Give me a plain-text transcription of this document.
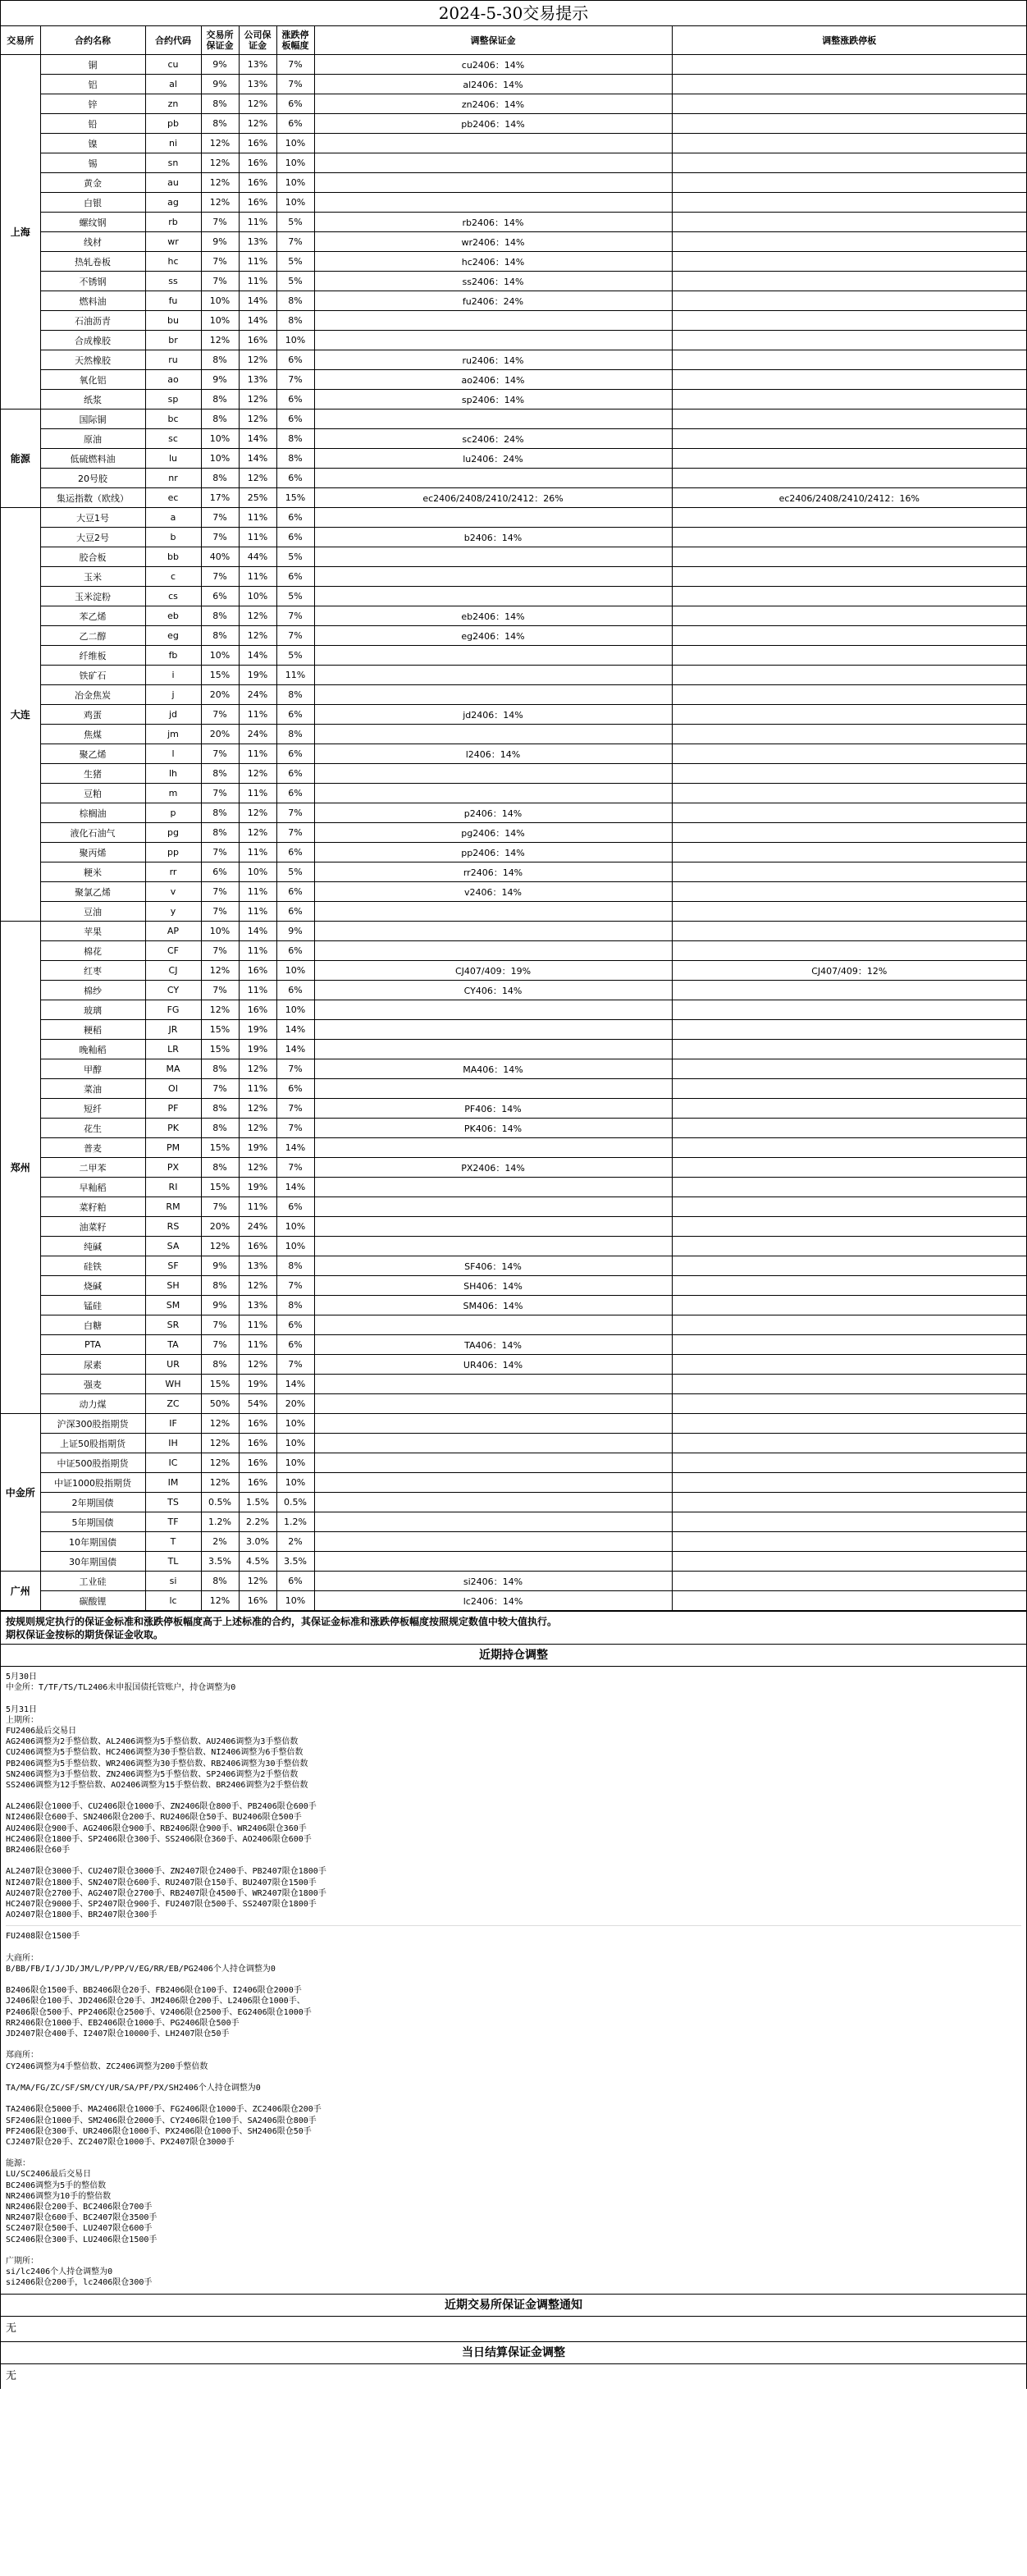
2024-5-30交易提示
交易所	合约名称	合约代码	交易所保证金	公司保证金	涨跌停板幅度	调整保证金	调整涨跌停板
上海	铜	cu	9%	13%	7%	cu2406：14%	
	铝	al	9%	13%	7%	al2406：14%	
	锌	zn	8%	12%	6%	zn2406：14%	
	铅	pb	8%	12%	6%	pb2406：14%	
	镍	ni	12%	16%	10%		
	锡	sn	12%	16%	10%		
	黄金	au	12%	16%	10%		
	白银	ag	12%	16%	10%		
	螺纹钢	rb	7%	11%	5%	rb2406：14%	
	线材	wr	9%	13%	7%	wr2406：14%	
	热轧卷板	hc	7%	11%	5%	hc2406：14%	
	不锈钢	ss	7%	11%	5%	ss2406：14%	
	燃料油	fu	10%	14%	8%	fu2406：24%	
	石油沥青	bu	10%	14%	8%		
	合成橡胶	br	12%	16%	10%		
	天然橡胶	ru	8%	12%	6%	ru2406：14%	
	氧化铝	ao	9%	13%	7%	ao2406：14%	
	纸浆	sp	8%	12%	6%	sp2406：14%	
能源	国际铜	bc	8%	12%	6%		
	原油	sc	10%	14%	8%	sc2406：24%	
	低硫燃料油	lu	10%	14%	8%	lu2406：24%	
	20号胶	nr	8%	12%	6%		
	集运指数（欧线）	ec	17%	25%	15%	ec2406/2408/2410/2412：26%	ec2406/2408/2410/2412：16%
大连	大豆1号	a	7%	11%	6%		
	大豆2号	b	7%	11%	6%	b2406：14%	
	胶合板	bb	40%	44%	5%		
	玉米	c	7%	11%	6%		
	玉米淀粉	cs	6%	10%	5%		
	苯乙烯	eb	8%	12%	7%	eb2406：14%	
	乙二醇	eg	8%	12%	7%	eg2406：14%	
	纤维板	fb	10%	14%	5%		
	铁矿石	i	15%	19%	11%		
	冶金焦炭	j	20%	24%	8%		
	鸡蛋	jd	7%	11%	6%	jd2406：14%	
	焦煤	jm	20%	24%	8%		
	聚乙烯	l	7%	11%	6%	l2406：14%	
	生猪	lh	8%	12%	6%		
	豆粕	m	7%	11%	6%		
	棕榈油	p	8%	12%	7%	p2406：14%	
	液化石油气	pg	8%	12%	7%	pg2406：14%	
	聚丙烯	pp	7%	11%	6%	pp2406：14%	
	粳米	rr	6%	10%	5%	rr2406：14%	
	聚氯乙烯	v	7%	11%	6%	v2406：14%	
	豆油	y	7%	11%	6%		
郑州	苹果	AP	10%	14%	9%		
	棉花	CF	7%	11%	6%		
	红枣	CJ	12%	16%	10%	CJ407/409：19%	CJ407/409：12%
	棉纱	CY	7%	11%	6%	CY406：14%	
	玻璃	FG	12%	16%	10%		
	粳稻	JR	15%	19%	14%		
	晚籼稻	LR	15%	19%	14%		
	甲醇	MA	8%	12%	7%	MA406：14%	
	菜油	OI	7%	11%	6%		
	短纤	PF	8%	12%	7%	PF406：14%	
	花生	PK	8%	12%	7%	PK406：14%	
	普麦	PM	15%	19%	14%		
	二甲苯	PX	8%	12%	7%	PX2406：14%	
	早籼稻	RI	15%	19%	14%		
	菜籽粕	RM	7%	11%	6%		
	油菜籽	RS	20%	24%	10%		
	纯碱	SA	12%	16%	10%		
	硅铁	SF	9%	13%	8%	SF406：14%	
	烧碱	SH	8%	12%	7%	SH406：14%	
	锰硅	SM	9%	13%	8%	SM406：14%	
	白糖	SR	7%	11%	6%		
	PTA	TA	7%	11%	6%	TA406：14%	
	尿素	UR	8%	12%	7%	UR406：14%	
	强麦	WH	15%	19%	14%		
	动力煤	ZC	50%	54%	20%		
中金所	沪深300股指期货	IF	12%	16%	10%		
	上证50股指期货	IH	12%	16%	10%		
	中证500股指期货	IC	12%	16%	10%		
	中证1000股指期货	IM	12%	16%	10%		
	2年期国债	TS	0.5%	1.5%	0.5%		
	5年期国债	TF	1.2%	2.2%	1.2%		
	10年期国债	T	2%	3.0%	2%		
	30年期国债	TL	3.5%	4.5%	3.5%		
广州	工业硅	si	8%	12%	6%	si2406：14%	
	碳酸锂	lc	12%	16%	10%	lc2406：14%	
按规则规定执行的保证金标准和涨跌停板幅度高于上述标准的合约，其保证金标准和涨跌停板幅度按照规定数值中较大值执行。
期权保证金按标的期货保证金收取。
近期持仓调整
5月30日
中金所：T/TF/TS/TL2406未申报国债托管账户，持仓调整为0
5月31日
上期所：
FU2406最后交易日
AG2406调整为2手整倍数、AL2406调整为5手整倍数、AU2406调整为3手整倍数
CU2406调整为5手整倍数、HC2406调整为30手整倍数、NI2406调整为6手整倍数
PB2406调整为5手整倍数、WR2406调整为30手整倍数、RB2406调整为30手整倍数
SN2406调整为3手整倍数、ZN2406调整为5手整倍数、SP2406调整为2手整倍数
SS2406调整为12手整倍数、AO2406调整为15手整倍数、BR2406调整为2手整倍数
AL2406限仓1000手、CU2406限仓1000手、ZN2406限仓800手、PB2406限仓600手
NI2406限仓600手、SN2406限仓200手、RU2406限仓50手、BU2406限仓500手
AU2406限仓900手、AG2406限仓900手、RB2406限仓900手、WR2406限仓360手
HC2406限仓1800手、SP2406限仓300手、SS2406限仓360手、AO2406限仓600手
BR2406限仓60手
AL2407限仓3000手、CU2407限仓3000手、ZN2407限仓2400手、PB2407限仓1800手
NI2407限仓1800手、SN2407限仓600手、RU2407限仓150手、BU2407限仓1500手
AU2407限仓2700手、AG2407限仓2700手、RB2407限仓4500手、WR2407限仓1800手
HC2407限仓9000手、SP2407限仓900手、FU2407限仓500手、SS2407限仓1800手
AO2407限仓1800手、BR2407限仓300手
FU2408限仓1500手
大商所：
B/BB/FB/I/J/JD/JM/L/P/PP/V/EG/RR/EB/PG2406个人持仓调整为0
B2406限仓1500手、BB2406限仓20手、FB2406限仓100手、I2406限仓2000手
J2406限仓100手、JD2406限仓20手、JM2406限仓200手、L2406限仓1000手、
P2406限仓500手、PP2406限仓2500手、V2406限仓2500手、EG2406限仓1000手
RR2406限仓1000手、EB2406限仓1000手、PG2406限仓500手
JD2407限仓400手、I2407限仓10000手、LH2407限仓50手
郑商所：
CY2406调整为4手整倍数、ZC2406调整为200手整倍数
TA/MA/FG/ZC/SF/SM/CY/UR/SA/PF/PX/SH2406个人持仓调整为0
TA2406限仓5000手、MA2406限仓1000手、FG2406限仓1000手、ZC2406限仓200手
SF2406限仓1000手、SM2406限仓2000手、CY2406限仓100手、SA2406限仓800手
PF2406限仓300手、UR2406限仓1000手、PX2406限仓1000手、SH2406限仓50手
CJ2407限仓20手、ZC2407限仓1000手、PX2407限仓3000手
能源：
LU/SC2406最后交易日
BC2406调整为5手的整倍数
NR2406调整为10手的整倍数
NR2406限仓200手、BC2406限仓700手
NR2407限仓600手、BC2407限仓3500手
SC2407限仓500手、LU2407限仓600手
SC2406限仓300手、LU2406限仓1500手
广期所：
si/lc2406个人持仓调整为0
si2406限仓200手，lc2406限仓300手
近期交易所保证金调整通知
无
当日结算保证金调整
无
